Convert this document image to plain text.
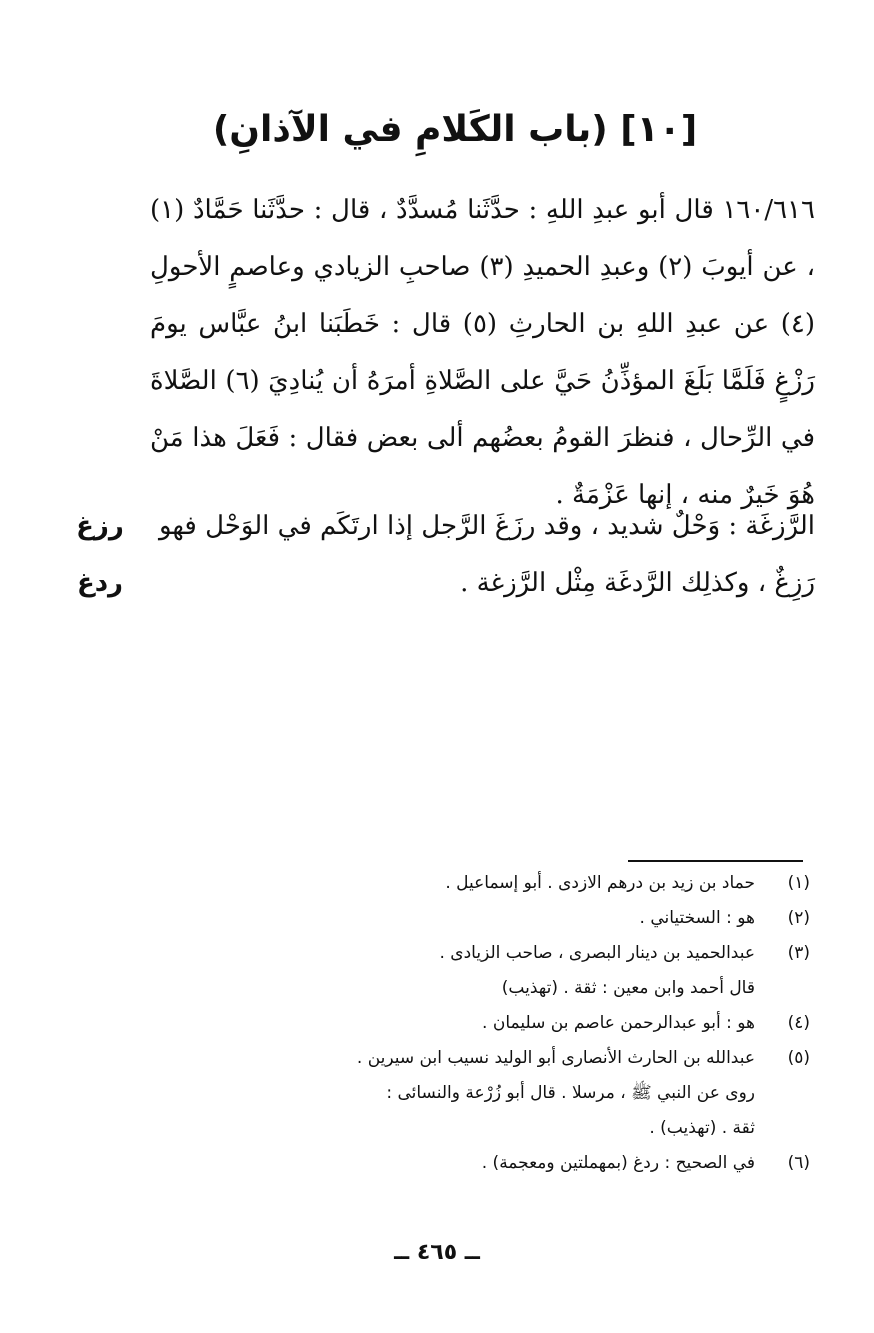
[١٠] (باب الكَلامِ في الآذانِ)
١٦٠/٦١٦ قال أبو عبدِ اللهِ : حدَّثَنا مُسدَّدٌ ، قال : حدَّثَنا حَمَّادٌ (١) ، عن أيوبَ (٢) وعبدِ الحميدِ (٣) صاحبِ الزيادي وعاصمٍ الأحولِ (٤) عن عبدِ اللهِ بن الحارثِ (٥) قال : خَطَبَنا ابنُ عبَّاس يومَ رَزْغٍ فَلَمَّا بَلَغَ المؤذِّنُ حَيَّ على الصَّلاةِ أمرَهُ أن يُنادِيَ (٦) الصَّلاةَ في الرِّحال ، فنظرَ القومُ بعضُهم ألى بعض فقال : فَعَلَ هذا مَنْ هُوَ خَيرٌ منه ، إنها عَزْمَةٌ .
الرَّزغَة : وَحْلٌ شديد ، وقد رزَغَ الرَّجل إذا ارتَكَم في الوَحْل فهو رَزِغٌ ، وكذلِك الرَّدغَة مِثْل الرَّزغة .
رزغ
ردغ
(١)
حماد بن زيد بن درهم الازدى . أبو إسماعيل .
(٢)
هو : السختياني .
(٣)
عبدالحميد بن دينار البصرى ، صاحب الزيادى .
قال أحمد وابن معين : ثقة . (تهذيب)
(٤)
هو : أبو عبدالرحمن عاصم بن سليمان .
(٥)
عبدالله بن الحارث الأنصارى أبو الوليد نسيب ابن سيرين .
روى عن النبي ﷺ ، مرسلا . قال أبو زُرْعة والنسائى :
ثقة . (تهذيب) .
(٦)
في الصحيح : ردغ (بمهملتين ومعجمة) .
ــ ٤٦٥ ــ
